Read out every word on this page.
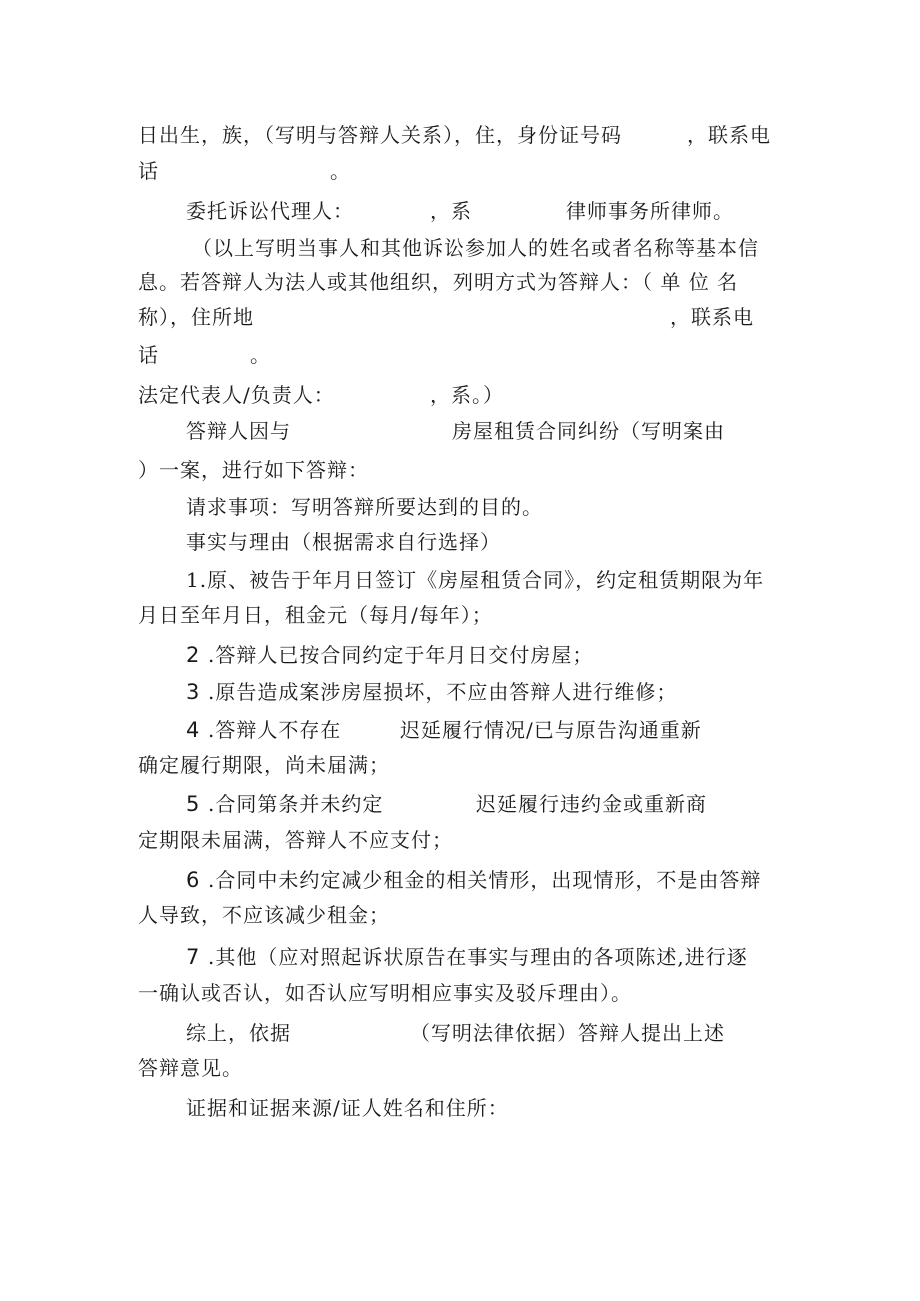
日出生，族，（写明与答辩人关系），住，身份证号码	，联系电
话	。
委托诉讼代理人：	，系	律师事务所律师。
（以上写明当事人和其他诉讼参加人的姓名或者名称等基本信
息。若答辩人为法人或其他组织，列明方式为答辩人：（ 单 位 名
称），住所地	，联系电
话	。
法定代表人/负责人：	，系。）
答辩人因与	房屋租赁合同纠纷（写明案由
）一案，进行如下答辩：
请求事项：写明答辩所要达到的目的。
事实与理由（根据需求自行选择）
1.原、被告于年月日签订《房屋租赁合同》，约定租赁期限为年
月日至年月日，租金元（每月/每年）；
2 .答辩人已按合同约定于年月日交付房屋；
3 .原告造成案涉房屋损坏，不应由答辩人进行维修；
4 .答辩人不存在	迟延履行情况/已与原告沟通重新
确定履行期限，尚未届满；
5 .合同第条并未约定	迟延履行违约金或重新商
定期限未届满，答辩人不应支付；
6 .合同中未约定减少租金的相关情形，出现情形，不是由答辩
人导致，不应该减少租金；
7 .其他（应对照起诉状原告在事实与理由的各项陈述,进行逐
一确认或否认，如否认应写明相应事实及驳斥理由）。
综上，依据	（写明法律依据）答辩人提出上述
答辩意见。
证据和证据来源/证人姓名和住所：
